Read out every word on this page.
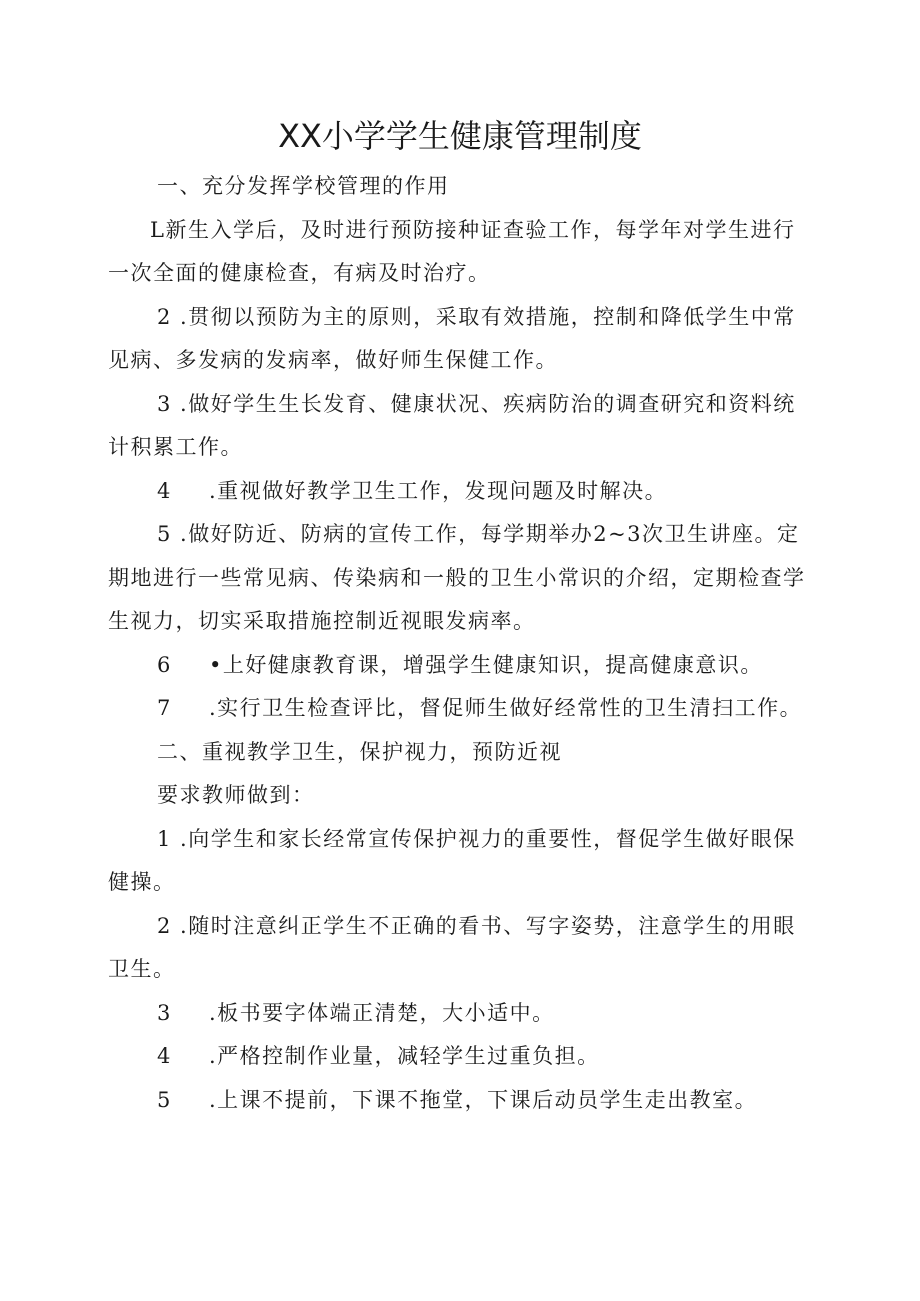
XX小学学生健康管理制度
一、充分发挥学校管理的作用
L新生入学后，及时进行预防接种证查验工作，每学年对学生进行
一次全面的健康检查，有病及时治疗。
2 .贯彻以预防为主的原则，采取有效措施，控制和降低学生中常
见病、多发病的发病率，做好师生保健工作。
3 .做好学生生长发育、健康状况、疾病防治的调查研究和资料统
计积累工作。
4 .重视做好教学卫生工作，发现问题及时解决。
5 .做好防近、防病的宣传工作，每学期举办2~3次卫生讲座。定
期地进行一些常见病、传染病和一般的卫生小常识的介绍，定期检查学
生视力，切实采取措施控制近视眼发病率。
6 •上好健康教育课，增强学生健康知识，提高健康意识。
7 .实行卫生检查评比，督促师生做好经常性的卫生清扫工作。
二、重视教学卫生，保护视力，预防近视
要求教师做到：
1 .向学生和家长经常宣传保护视力的重要性，督促学生做好眼保
健操。
2 .随时注意纠正学生不正确的看书、写字姿势，注意学生的用眼
卫生。
3 .板书要字体端正清楚，大小适中。
4 .严格控制作业量，减轻学生过重负担。
5 .上课不提前，下课不拖堂，下课后动员学生走出教室。
